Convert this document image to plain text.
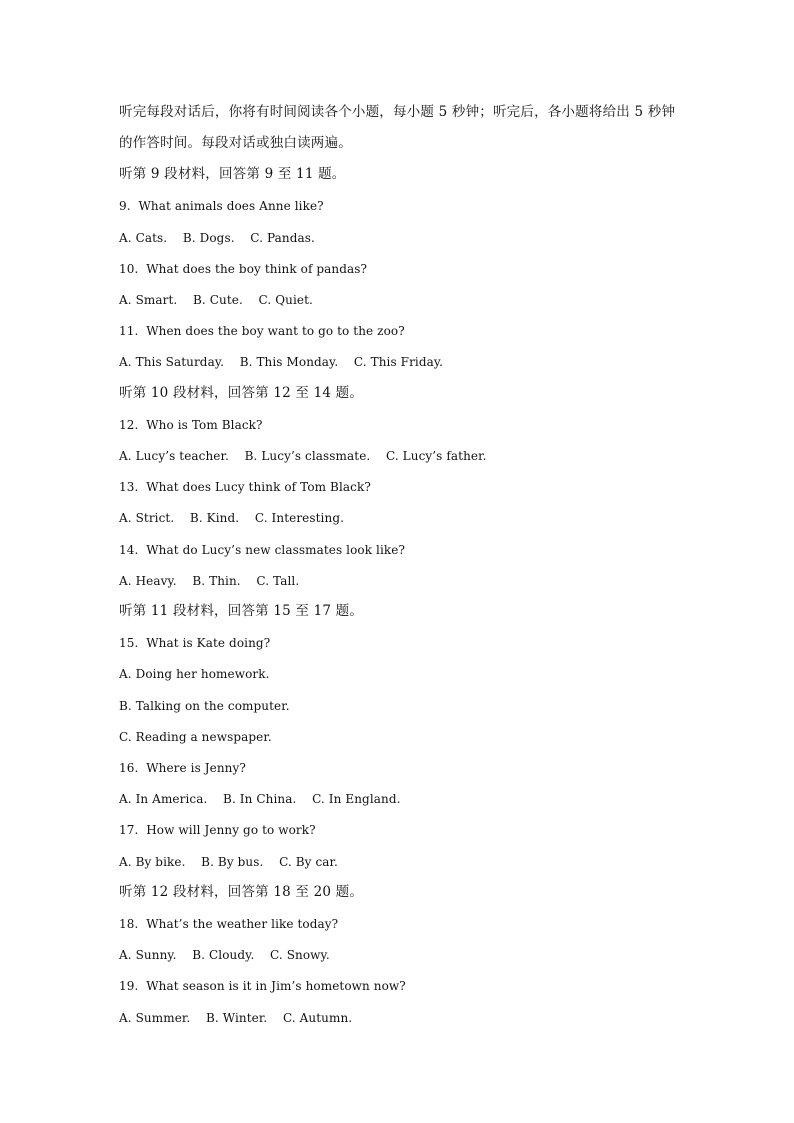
听完每段对话后，你将有时间阅读各个小题，每小题 5 秒钟；听完后，各小题将给出 5 秒钟
的作答时间。每段对话或独白读两遍。
听第 9 段材料，回答第 9 至 11 题。
9.  What animals does Anne like?
A. Cats.    B. Dogs.    C. Pandas.
10.  What does the boy think of pandas?
A. Smart.    B. Cute.    C. Quiet.
11.  When does the boy want to go to the zoo?
A. This Saturday.    B. This Monday.    C. This Friday.
听第 10 段材料，回答第 12 至 14 题。
12.  Who is Tom Black?
A. Lucy’s teacher.    B. Lucy’s classmate.    C. Lucy’s father.
13.  What does Lucy think of Tom Black?
A. Strict.    B. Kind.    C. Interesting.
14.  What do Lucy’s new classmates look like?
A. Heavy.    B. Thin.    C. Tall.
听第 11 段材料，回答第 15 至 17 题。
15.  What is Kate doing?
A. Doing her homework.
B. Talking on the computer.
C. Reading a newspaper.
16.  Where is Jenny?
A. In America.    B. In China.    C. In England.
17.  How will Jenny go to work?
A. By bike.    B. By bus.    C. By car.
听第 12 段材料，回答第 18 至 20 题。
18.  What’s the weather like today?
A. Sunny.    B. Cloudy.    C. Snowy.
19.  What season is it in Jim’s hometown now?
A. Summer.    B. Winter.    C. Autumn.
